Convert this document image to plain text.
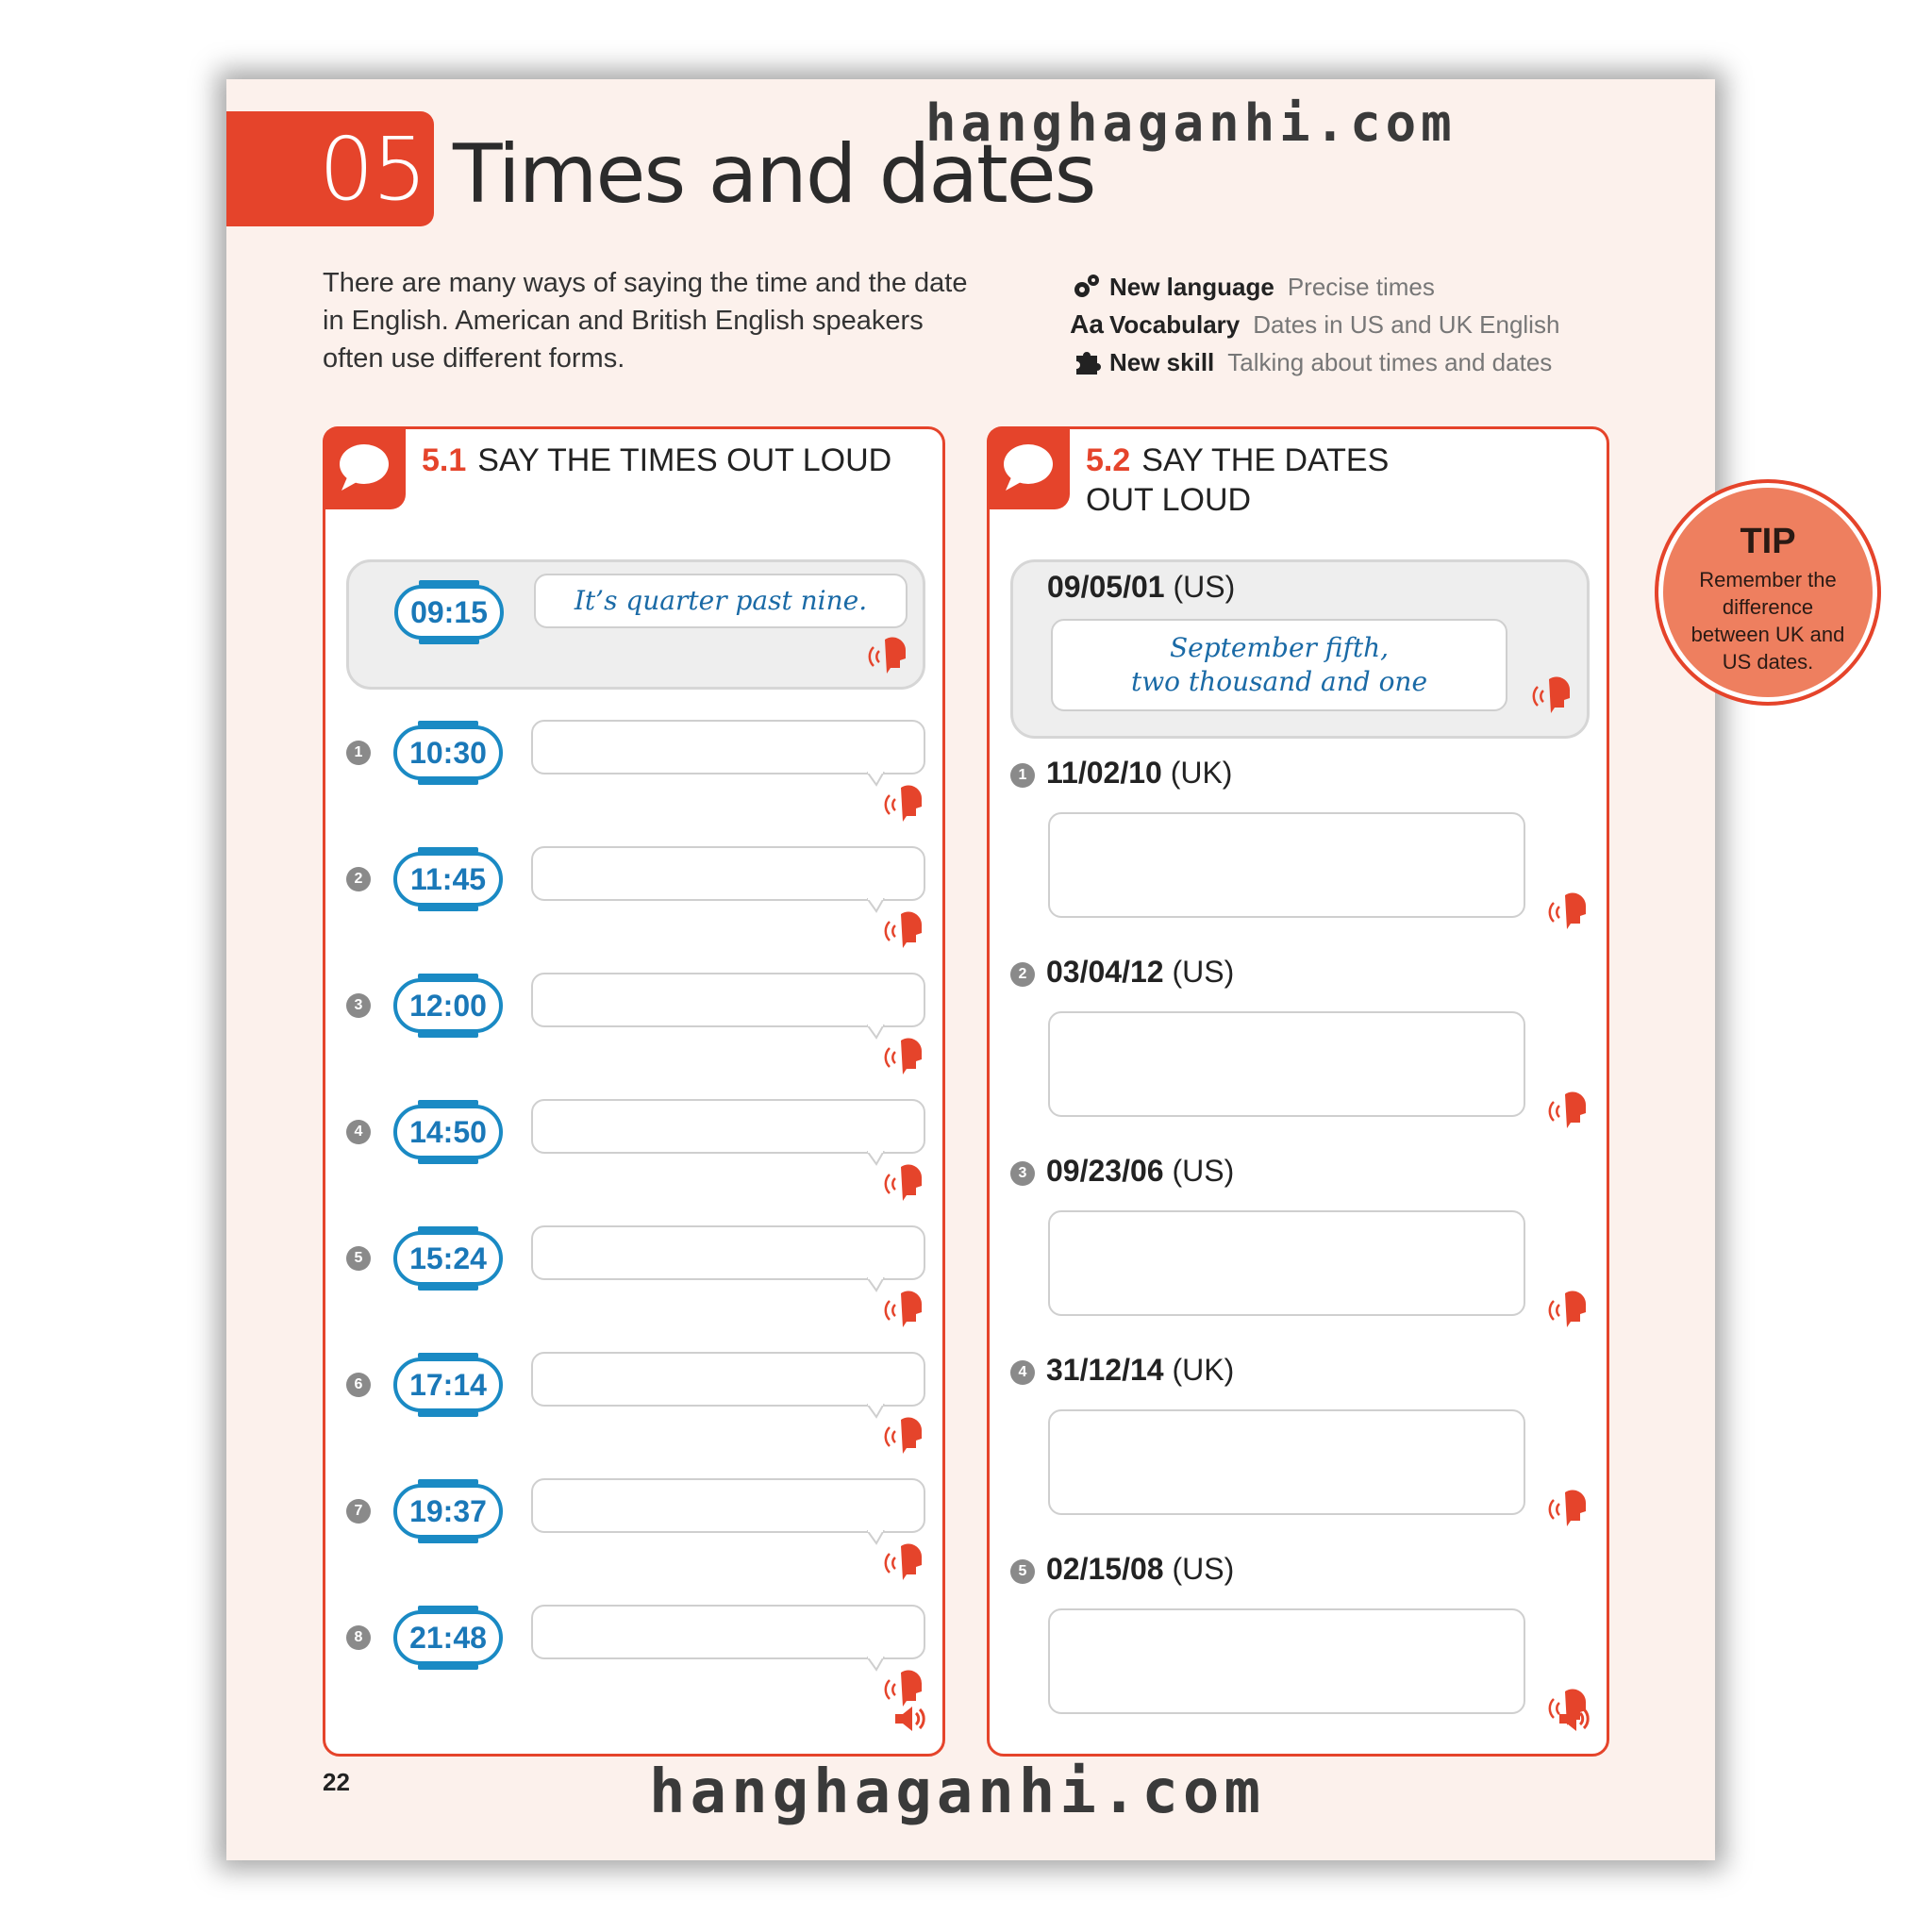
05 Times and dates
There are many ways of saying the time and the date in English. American and British English speakers often use different forms.
New language Precise times
Aa Vocabulary Dates in US and UK English
New skill Talking about times and dates
5.1 SAY THE TIMES OUT LOUD
09:15	It’s quarter past nine.
1	10:30
2	11:45
3	12:00
4	14:50
5	15:24
6	17:14
7	19:37
8	21:48
5.2 SAY THE DATES
OUT LOUD
09/05/01 (US)
September fifth,
two thousand and one
1 11/02/10 (UK)
2 03/04/12 (US)
3 09/23/06 (US)
4 31/12/14 (UK)
5 02/15/08 (US)
TIP
Remember the difference between UK and US dates.
22
hanghaganhi.com
hanghaganhi.com
